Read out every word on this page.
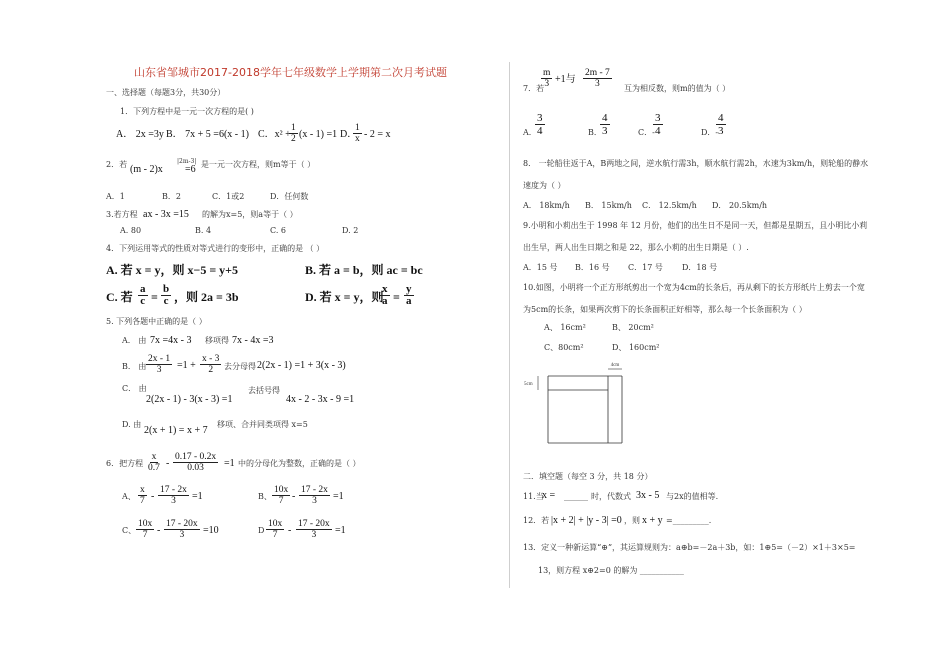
山东省邹城市2017-2018学年七年级数学上学期第二次月考试题
一、选择题（每题3分，共30分）
1．下列方程中是一元一次方程的是( )
A． 2x =3y B． 7x + 5 =6(x - 1) C．x² +
$\frac{1}{2} (x - 1) =1$ D．
$\frac{1}{x} - 2 = x$
2．若 (m - 2)x
|2m-3|
=6 是一元一次方程，则m等于（ ）
A．1	B．2	C．1或2	D．任何数
3.若方程 ax - 3x =15 的解为x=5，则a等于（ ）
A. 80	B. 4	C. 6	D. 2
4．下列运用等式的性质对等式进行的变形中，正确的是 （ ）
A. 若 x = y，则 x−5 = y+5	B. 若 a = b，则 ac = bc
C. 若 $\frac{a}{c} = \frac{b}{c}$ ，则 2a = 3b	D. 若 x = y，则
$\frac{x}{a} = \frac{y}{a}$
5. 下列各题中正确的是（ ）
A． 由 7x =4x - 3 移项得 7x - 4x =3
B． 由 $\frac{2x - 1}{3} =1 + \frac{x - 3}{2}$ 去分母得 2(2x - 1) =1 + 3(x - 3)
C． 由
2(2x - 1) - 3(x - 3) =1
去括号得
4x - 2 - 3x - 9 =1
D. 由
2(x + 1) = x + 7
移项、合并同类项得 x=5
6．把方程 $\frac{x}{0.7} - \frac{0.17 - 0.2x}{0.03} =1$ 中的分母化为整数，正确的是（ ）
A、 $\frac{x}{7} - \frac{17 - 2x}{3} =1$	B、 $\frac{10x}{7} - \frac{17 - 2x}{3} =1$
C、 $\frac{10x}{7} - \frac{17 - 20x}{3} =10$	D $\frac{10x}{7} - \frac{17 - 20x}{3} =1$
7．若
$\frac{m}{3} +1$与 $\frac{2m - 7}{3}$ 互为相反数，则m的值为（ ）
A．
$\frac{3}{4}$	B．
$\frac{4}{3}$	C．-
$\frac{3}{4}$	D．-
$\frac{4}{3}$
8． 一轮船往返于A，B两地之间，逆水航行需3h，顺水航行需2h，水速为3km/h，则轮船的静水
速度为（ ）
A． 18km/h B． 15km/h C． 12.5km/h D． 20.5km/h
9.小明和小莉出生于 1998 年 12 月份，他们的出生日不是同一天，但都是星期五，且小明比小莉
出生早，两人出生日期之和是 22，那么小莉的出生日期是（ ）.
A．15 号 B．16 号 C．17 号 D．18 号
10.如图，小明将一个正方形纸剪出一个宽为4cm的长条后，再从剩下的长方形纸片上剪去一个宽
为5cm的长条，如果两次剪下的长条面积正好相等，那么每一个长条面积为（ ）
A、 16cm²	B、 20cm²
C、80cm²	D、 160cm²
4cm
5cm
二．填空题（每空 3 分，共 18 分）
11.当
x = ______ 时，代数式 3x - 5 与2x的值相等.
12．若 |x + 2| + |y - 3| =0 ，则 x + y =_________.
13．定义一种新运算“⊕”，其运算规则为：a⊕b=－2a＋3b，如：1⊕5=（－2）×1＋3×5=
13，则方程 x⊕2=0 的解为 ___________
